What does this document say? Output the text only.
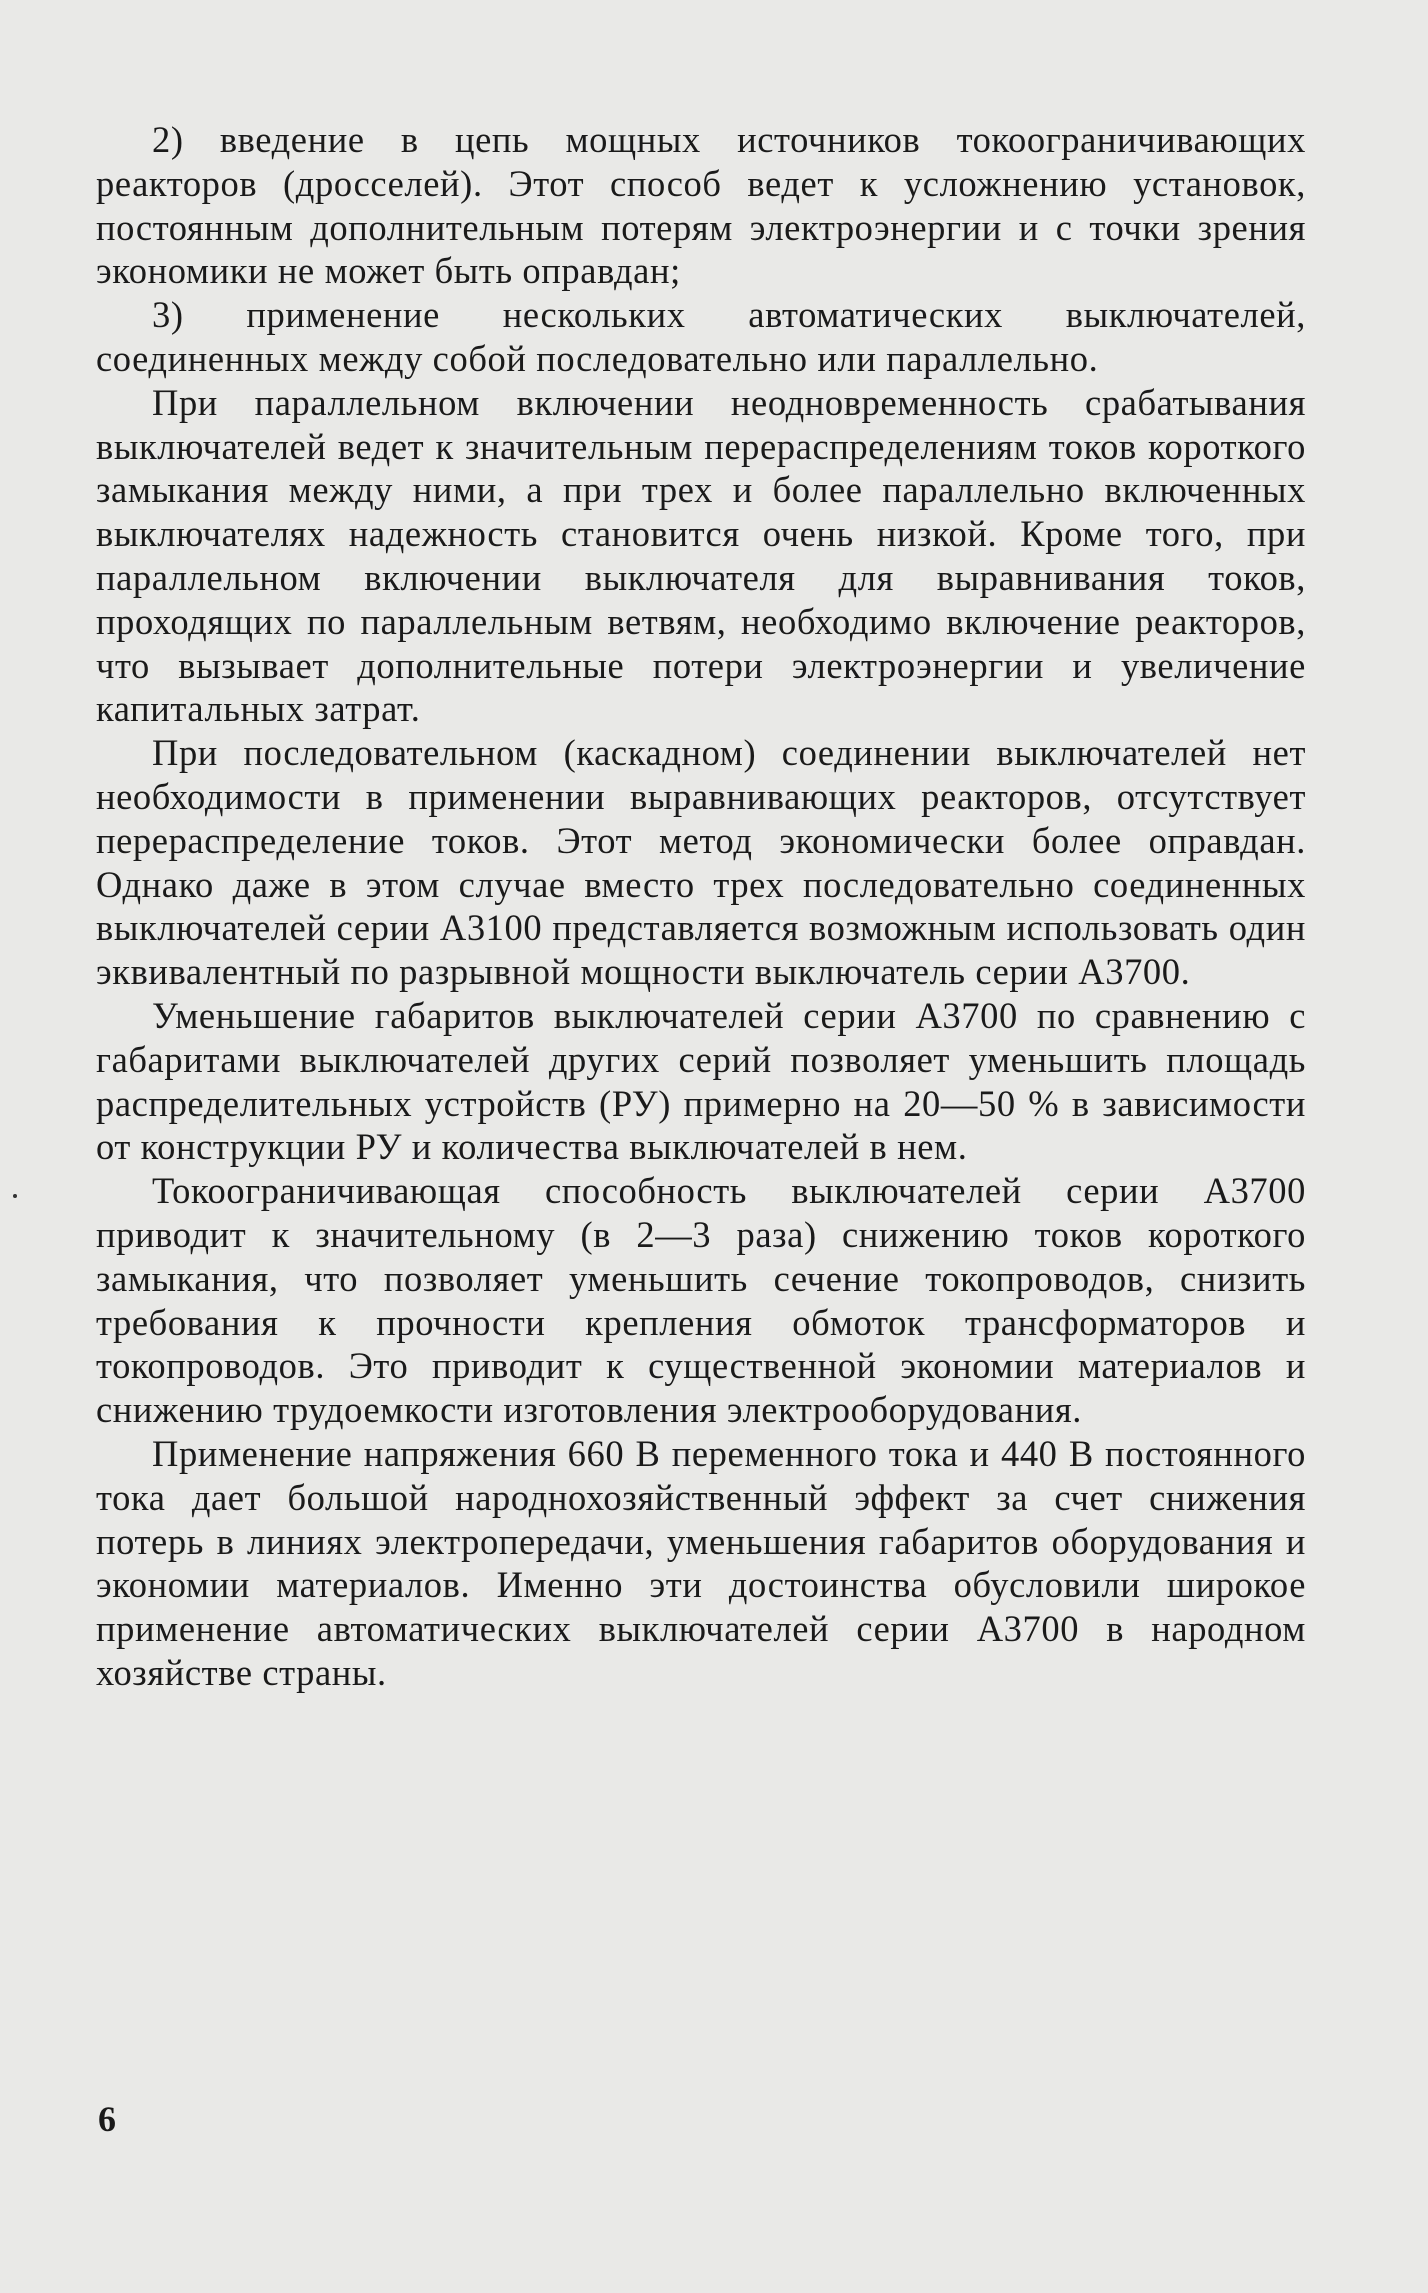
2) введение в цепь мощных источников токоограничивающих реакторов (дросселей). Этот способ ведет к усложнению установок, постоянным дополнительным потерям электроэнергии и с точки зрения экономики не может быть оправдан;

3) применение нескольких автоматических выключателей, соединенных между собой последовательно или параллельно.

При параллельном включении неодновременность срабатывания выключателей ведет к значительным перераспределениям токов короткого замыкания между ними, а при трех и более параллельно включенных выключателях надежность становится очень низкой. Кроме того, при параллельном включении выключателя для выравнивания токов, проходящих по параллельным ветвям, необходимо включение реакторов, что вызывает дополнительные потери электроэнергии и увеличение капитальных затрат.

При последовательном (каскадном) соединении выключателей нет необходимости в применении выравнивающих реакторов, отсутствует перераспределение токов. Этот метод экономически более оправдан. Однако даже в этом случае вместо трех последовательно соединенных выключателей серии А3100 представляется возможным использовать один эквивалентный по разрывной мощности выключатель серии А3700.

Уменьшение габаритов выключателей серии А3700 по сравнению с габаритами выключателей других серий позволяет уменьшить площадь распределительных устройств (РУ) примерно на 20—50 % в зависимости от конструкции РУ и количества выключателей в нем.

Токоограничивающая способность выключателей серии А3700 приводит к значительному (в 2—3 раза) снижению токов короткого замыкания, что позволяет уменьшить сечение токопроводов, снизить требования к прочности крепления обмоток трансформаторов и токопроводов. Это приводит к существенной экономии материалов и снижению трудоемкости изготовления электрооборудования.

Применение напряжения 660 В переменного тока и 440 В постоянного тока дает большой народнохозяйственный эффект за счет снижения потерь в линиях электропередачи, уменьшения габаритов оборудования и экономии материалов. Именно эти достоинства обусловили широкое применение автоматических выключателей серии А3700 в народном хозяйстве страны.

6
